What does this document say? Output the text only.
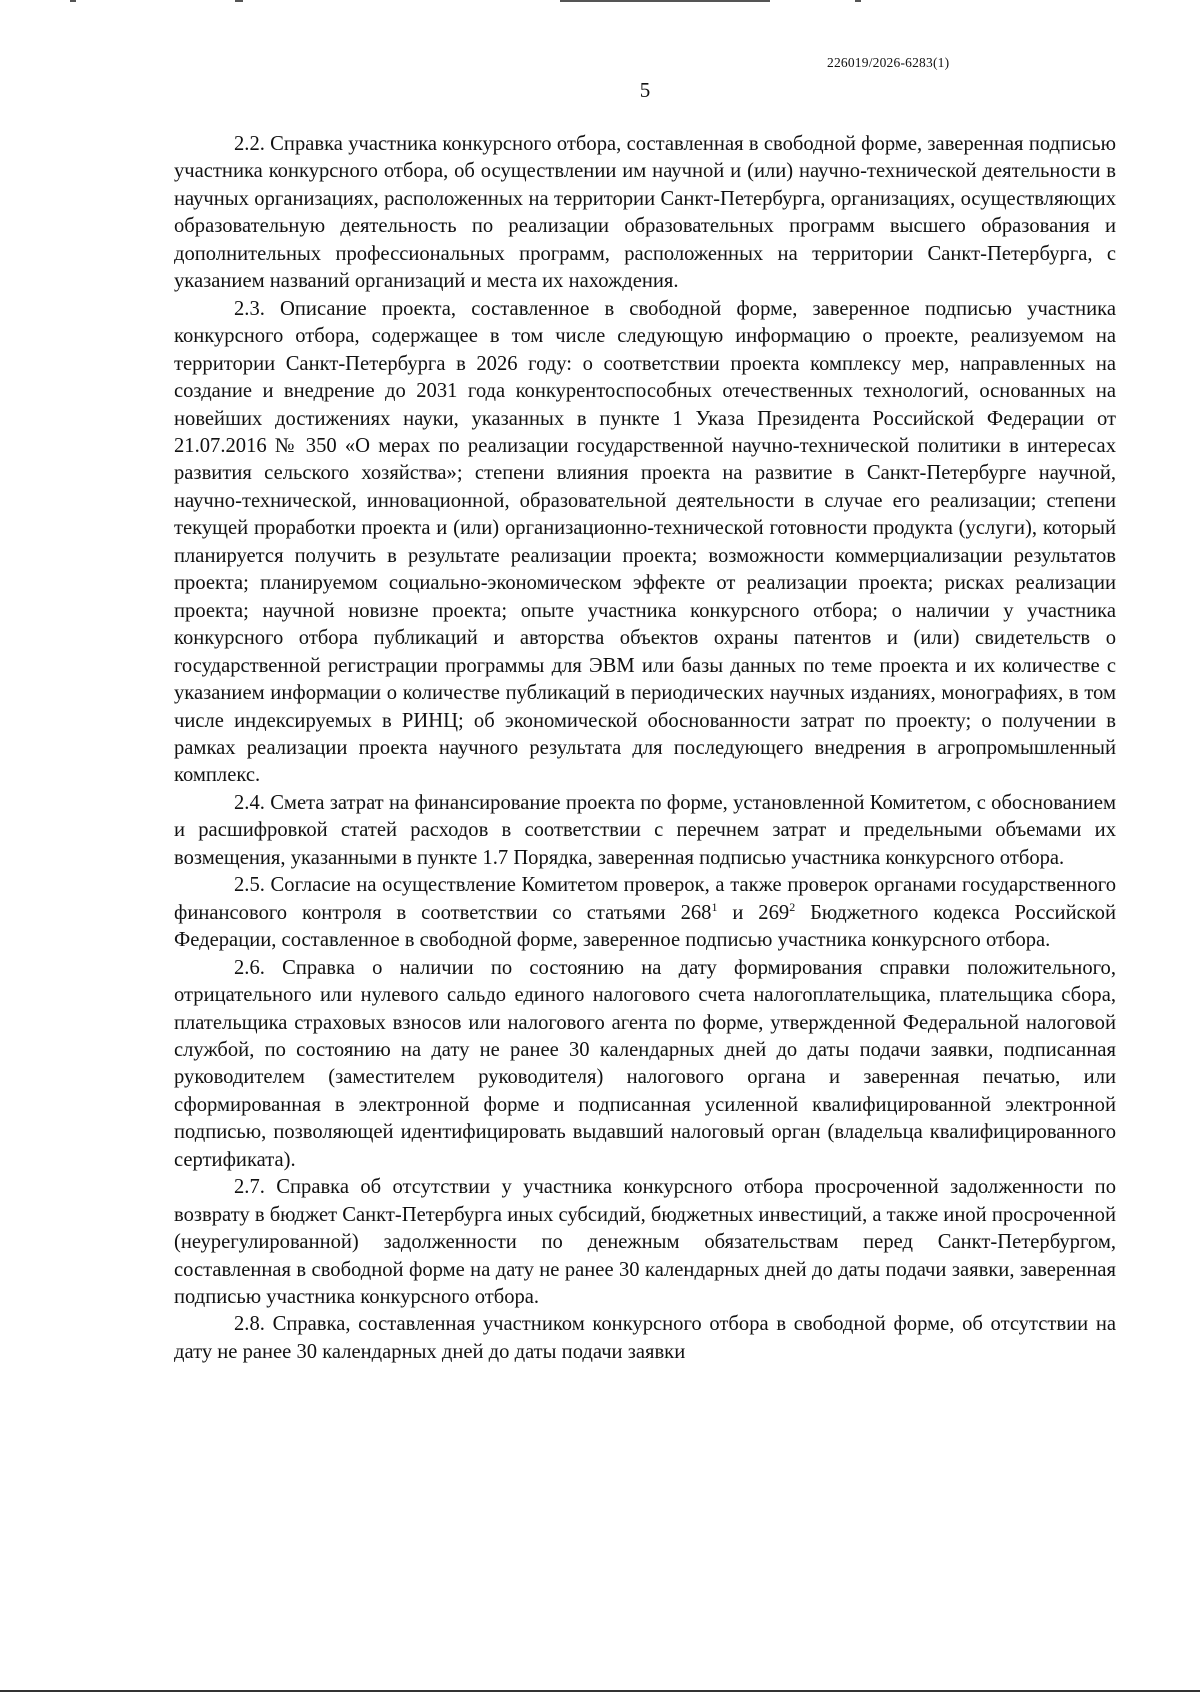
226019/2026-6283(1)
5

2.2. Справка участника конкурсного отбора, составленная в свободной форме, заверенная подписью участника конкурсного отбора, об осуществлении им научной и (или) научно-технической деятельности в научных организациях, расположенных на территории Санкт-Петербурга, организациях, осуществляющих образовательную деятельность по реализации образовательных программ высшего образования и дополнительных профессиональных программ, расположенных на территории Санкт-Петербурга, с указанием названий организаций и места их нахождения.

2.3. Описание проекта, составленное в свободной форме, заверенное подписью участника конкурсного отбора, содержащее в том числе следующую информацию о проекте, реализуемом на территории Санкт-Петербурга в 2026 году: о соответствии проекта комплексу мер, направленных на создание и внедрение до 2031 года конкурентоспособных отечественных технологий, основанных на новейших достижениях науки, указанных в пункте 1 Указа Президента Российской Федерации от 21.07.2016 № 350 «О мерах по реализации государственной научно-технической политики в интересах развития сельского хозяйства»; степени влияния проекта на развитие в Санкт-Петербурге научной, научно-технической, инновационной, образовательной деятельности в случае его реализации; степени текущей проработки проекта и (или) организационно-технической готовности продукта (услуги), который планируется получить в результате реализации проекта; возможности коммерциализации результатов проекта; планируемом социально-экономическом эффекте от реализации проекта; рисках реализации проекта; научной новизне проекта; опыте участника конкурсного отбора; о наличии у участника конкурсного отбора публикаций и авторства объектов охраны патентов и (или) свидетельств о государственной регистрации программы для ЭВМ или базы данных по теме проекта и их количестве с указанием информации о количестве публикаций в периодических научных изданиях, монографиях, в том числе индексируемых в РИНЦ; об экономической обоснованности затрат по проекту; о получении в рамках реализации проекта научного результата для последующего внедрения в агропромышленный комплекс.

2.4. Смета затрат на финансирование проекта по форме, установленной Комитетом, с обоснованием и расшифровкой статей расходов в соответствии с перечнем затрат и предельными объемами их возмещения, указанными в пункте 1.7 Порядка, заверенная подписью участника конкурсного отбора.

2.5. Согласие на осуществление Комитетом проверок, а также проверок органами государственного финансового контроля в соответствии со статьями $268^1$ и $269^2$ Бюджетного кодекса Российской Федерации, составленное в свободной форме, заверенное подписью участника конкурсного отбора.

2.6. Справка о наличии по состоянию на дату формирования справки положительного, отрицательного или нулевого сальдо единого налогового счета налогоплательщика, плательщика сбора, плательщика страховых взносов или налогового агента по форме, утвержденной Федеральной налоговой службой, по состоянию на дату не ранее 30 календарных дней до даты подачи заявки, подписанная руководителем (заместителем руководителя) налогового органа и заверенная печатью, или сформированная в электронной форме и подписанная усиленной квалифицированной электронной подписью, позволяющей идентифицировать выдавший налоговый орган (владельца квалифицированного сертификата).

2.7. Справка об отсутствии у участника конкурсного отбора просроченной задолженности по возврату в бюджет Санкт-Петербурга иных субсидий, бюджетных инвестиций, а также иной просроченной (неурегулированной) задолженности по денежным обязательствам перед Санкт-Петербургом, составленная в свободной форме на дату не ранее 30 календарных дней до даты подачи заявки, заверенная подписью участника конкурсного отбора.

2.8. Справка, составленная участником конкурсного отбора в свободной форме, об отсутствии на дату не ранее 30 календарных дней до даты подачи заявки
